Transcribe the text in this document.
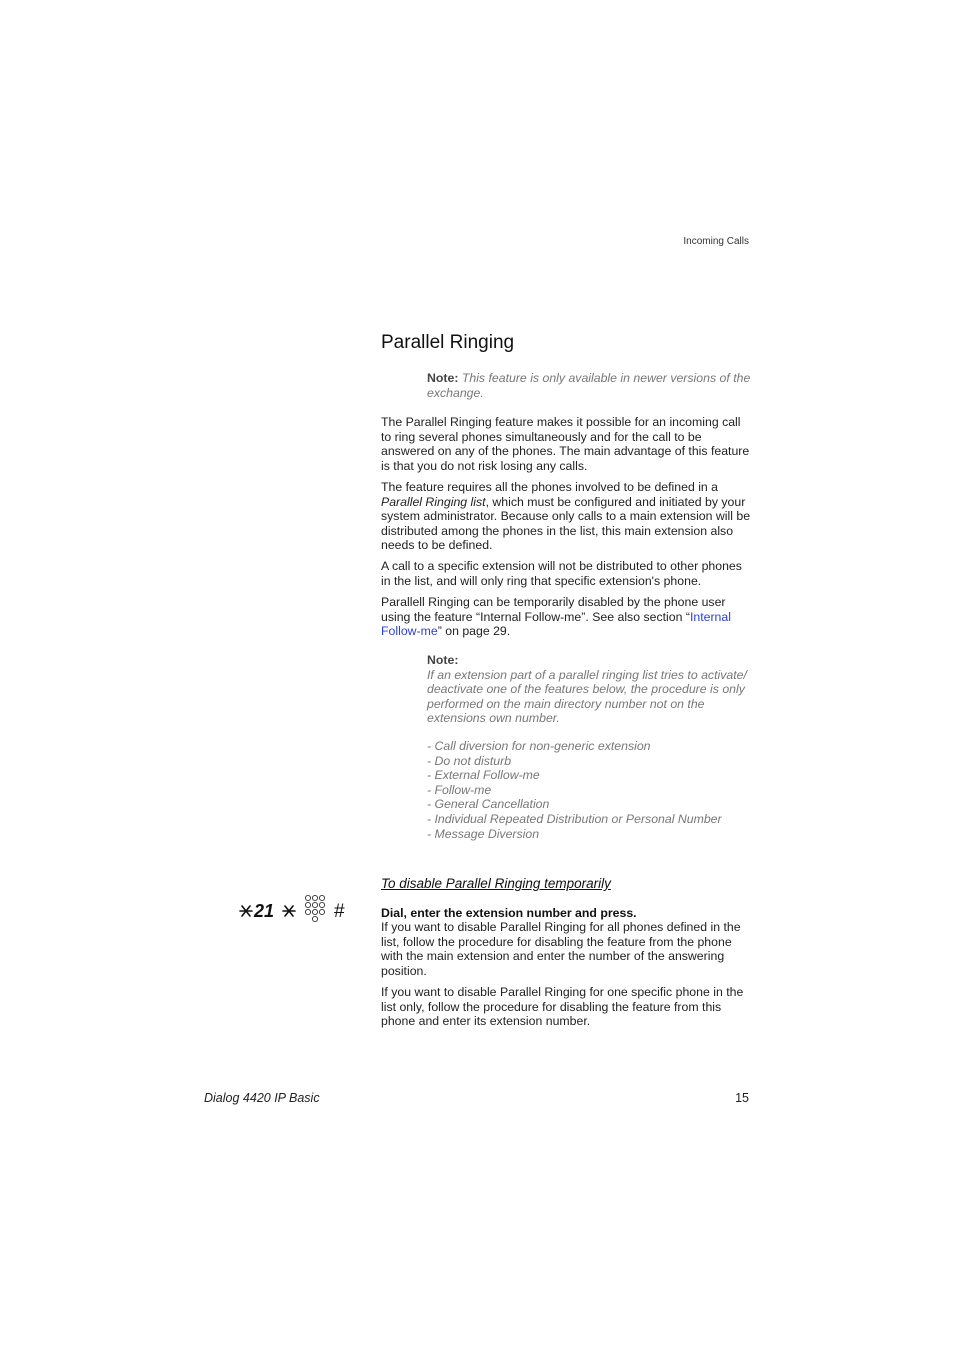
Incoming Calls
Parallel Ringing
Note: This feature is only available in newer versions of the exchange.
The Parallel Ringing feature makes it possible for an incoming call to ring several phones simultaneously and for the call to be answered on any of the phones. The main advantage of this feature is that you do not risk losing any calls.
The feature requires all the phones involved to be defined in a Parallel Ringing list, which must be configured and initiated by your system administrator. Because only calls to a main extension will be distributed among the phones in the list, this main extension also needs to be defined.
A call to a specific extension will not be distributed to other phones in the list, and will only ring that specific extension's phone.
Parallell Ringing can be temporarily disabled by the phone user using the feature “Internal Follow-me”. See also section “Internal Follow-me” on page 29.
Note:
If an extension part of a parallel ringing list tries to activate/ deactivate one of the features below, the procedure is only performed on the main directory number not on the extensions own number.
- Call diversion for non-generic extension
- Do not disturb
- External Follow-me
- Follow-me
- General Cancellation
- Individual Repeated Distribution or Personal Number
- Message Diversion
To disable Parallel Ringing temporarily
21	#	Dial, enter the extension number and press.
If you want to disable Parallel Ringing for all phones defined in the list, follow the procedure for disabling the feature from the phone with the main extension and enter the number of the answering position.
If you want to disable Parallel Ringing for one specific phone in the list only, follow the procedure for disabling the feature from this phone and enter its extension number.
Dialog 4420 IP Basic	15
